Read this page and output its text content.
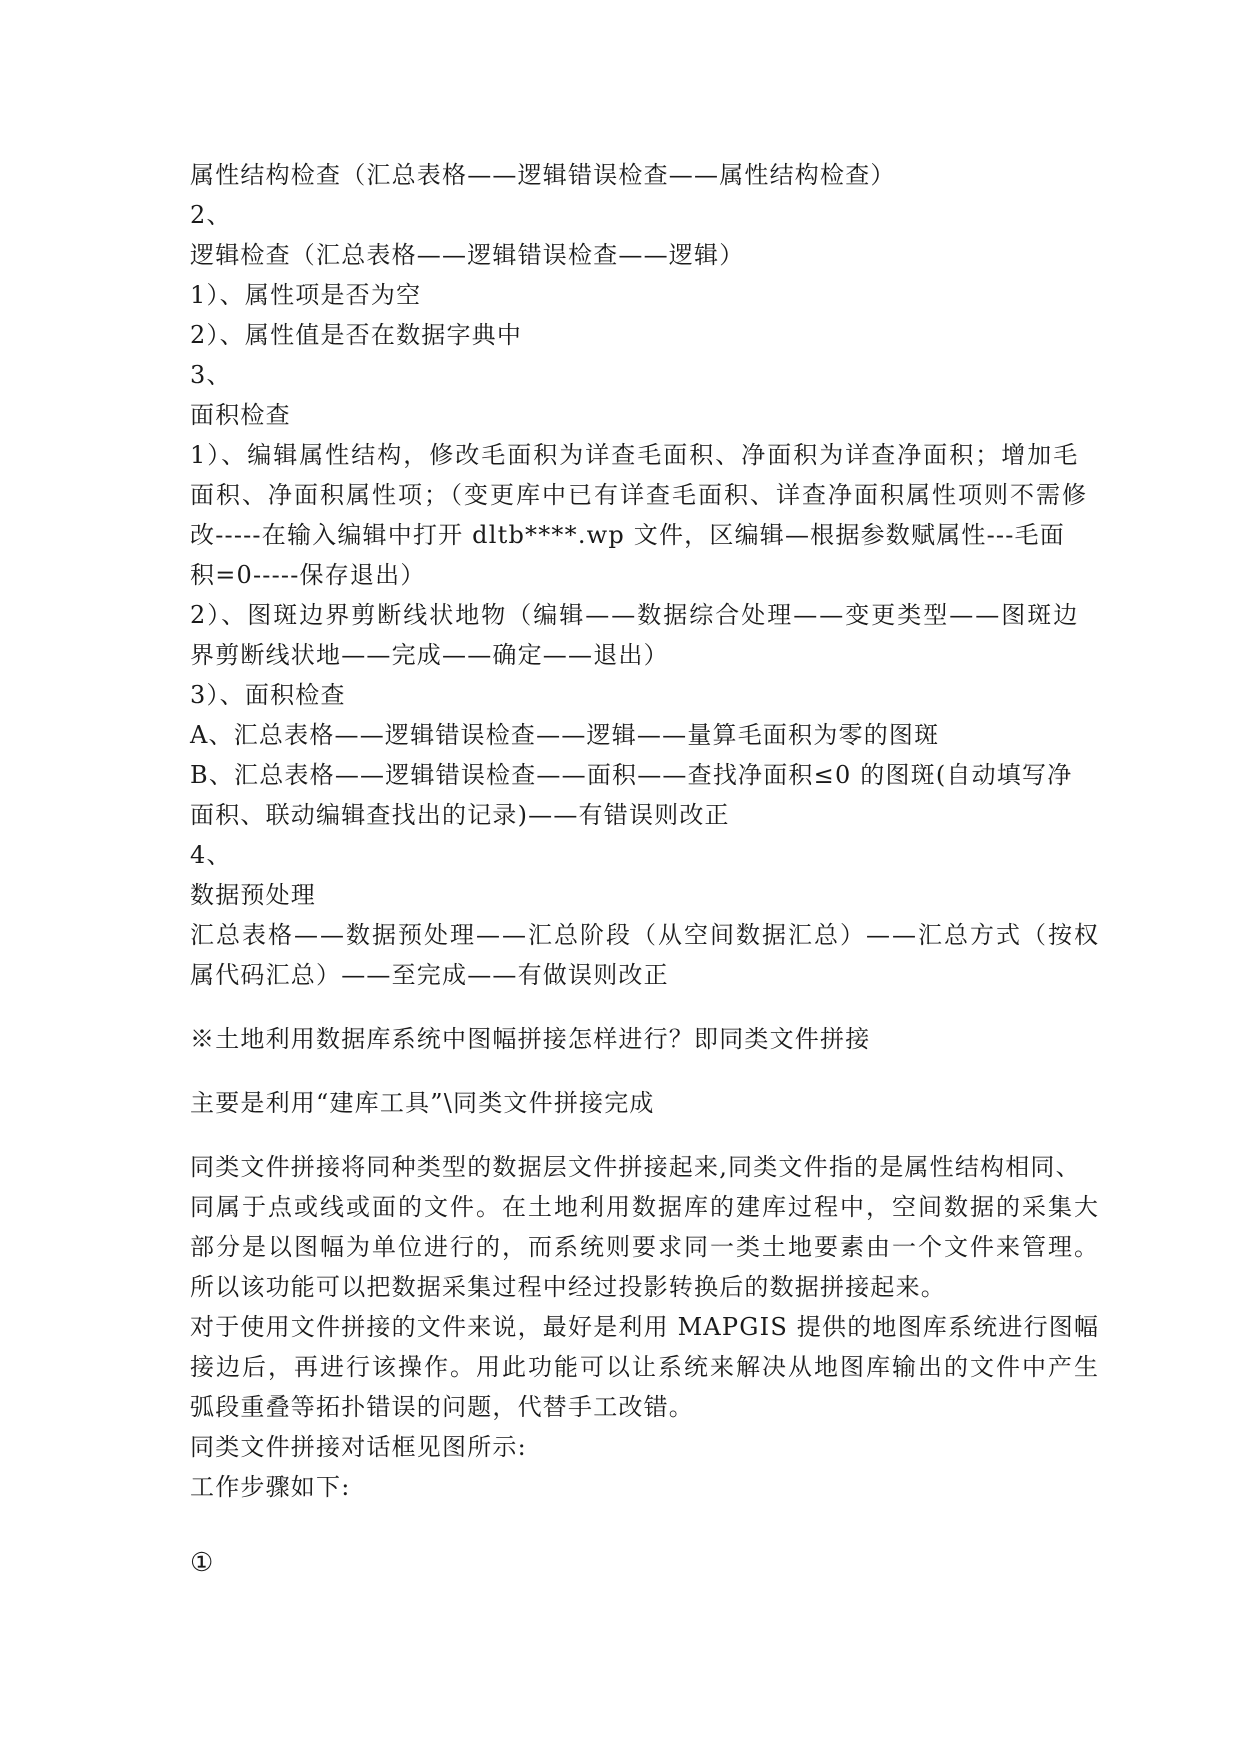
属性结构检查（汇总表格——逻辑错误检查——属性结构检查）
2、
逻辑检查（汇总表格——逻辑错误检查——逻辑）
1）、属性项是否为空
2）、属性值是否在数据字典中
3、
面积检查
1）、编辑属性结构，修改毛面积为详查毛面积、净面积为详查净面积；增加毛
面积、净面积属性项；（变更库中已有详查毛面积、详查净面积属性项则不需修
改-----在输入编辑中打开 dltb****.wp 文件，区编辑—根据参数赋属性---毛面
积=0-----保存退出）
2）、图斑边界剪断线状地物（编辑——数据综合处理——变更类型——图斑边
界剪断线状地——完成——确定——退出）
3）、面积检查
A、汇总表格——逻辑错误检查——逻辑——量算毛面积为零的图斑
B、汇总表格——逻辑错误检查——面积——查找净面积≤0 的图斑(自动填写净
面积、联动编辑查找出的记录)——有错误则改正
4、
数据预处理
汇总表格——数据预处理——汇总阶段（从空间数据汇总）——汇总方式（按权
属代码汇总）——至完成——有做误则改正
※土地利用数据库系统中图幅拼接怎样进行？即同类文件拼接
主要是利用“建库工具”\同类文件拼接完成
同类文件拼接将同种类型的数据层文件拼接起来,同类文件指的是属性结构相同、
同属于点或线或面的文件。在土地利用数据库的建库过程中，空间数据的采集大
部分是以图幅为单位进行的，而系统则要求同一类土地要素由一个文件来管理。
所以该功能可以把数据采集过程中经过投影转换后的数据拼接起来。
对于使用文件拼接的文件来说，最好是利用 MAPGIS 提供的地图库系统进行图幅
接边后，再进行该操作。用此功能可以让系统来解决从地图库输出的文件中产生
弧段重叠等拓扑错误的问题，代替手工改错。
同类文件拼接对话框见图所示:
工作步骤如下:
①
